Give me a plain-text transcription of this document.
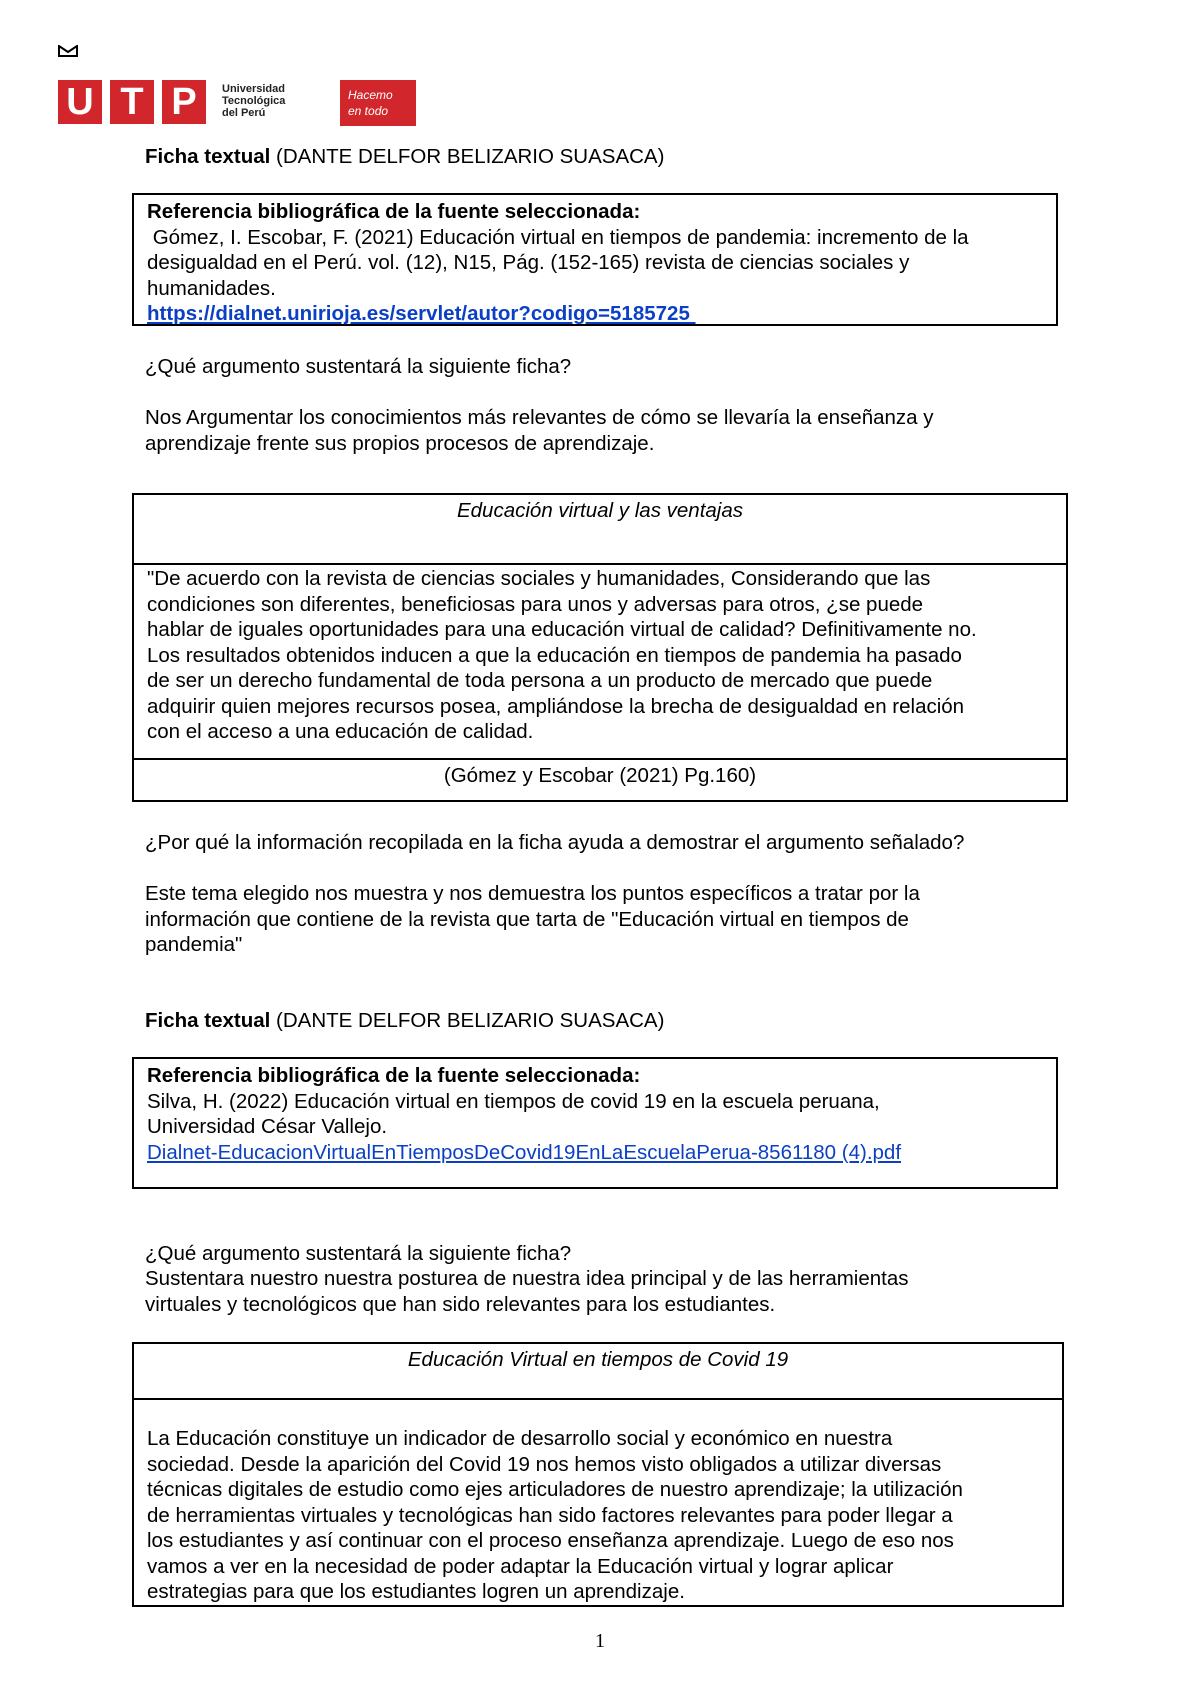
U T P	Universidad
Tecnológica
del Perú
Hacemo
en todo
Ficha textual (DANTE DELFOR BELIZARIO SUASACA)
Referencia bibliográfica de la fuente seleccionada:
Gómez, I. Escobar, F. (2021) Educación virtual en tiempos de pandemia: incremento de la
desigualdad en el Perú. vol. (12), N15, Pág. (152-165) revista de ciencias sociales y
humanidades.
https://dialnet.unirioja.es/servlet/autor?codigo=5185725
¿Qué argumento sustentará la siguiente ficha?
Nos Argumentar los conocimientos más relevantes de cómo se llevaría la enseñanza y
aprendizaje frente sus propios procesos de aprendizaje.
Educación virtual y las ventajas
"De acuerdo con la revista de ciencias sociales y humanidades, Considerando que las
condiciones son diferentes, beneficiosas para unos y adversas para otros, ¿se puede
hablar de iguales oportunidades para una educación virtual de calidad? Definitivamente no.
Los resultados obtenidos inducen a que la educación en tiempos de pandemia ha pasado
de ser un derecho fundamental de toda persona a un producto de mercado que puede
adquirir quien mejores recursos posea, ampliándose la brecha de desigualdad en relación
con el acceso a una educación de calidad.
(Gómez y Escobar (2021) Pg.160)
¿Por qué la información recopilada en la ficha ayuda a demostrar el argumento señalado?
Este tema elegido nos muestra y nos demuestra los puntos específicos a tratar por la
información que contiene de la revista que tarta de "Educación virtual en tiempos de
pandemia"
Ficha textual (DANTE DELFOR BELIZARIO SUASACA)
Referencia bibliográfica de la fuente seleccionada:
Silva, H. (2022) Educación virtual en tiempos de covid 19 en la escuela peruana,
Universidad César Vallejo.
Dialnet-EducacionVirtualEnTiemposDeCovid19EnLaEscuelaPerua-8561180 (4).pdf
¿Qué argumento sustentará la siguiente ficha?
Sustentara nuestro nuestra posturea de nuestra idea principal y de las herramientas
virtuales y tecnológicos que han sido relevantes para los estudiantes.
Educación Virtual en tiempos de Covid 19
La Educación constituye un indicador de desarrollo social y económico en nuestra
sociedad. Desde la aparición del Covid 19 nos hemos visto obligados a utilizar diversas
técnicas digitales de estudio como ejes articuladores de nuestro aprendizaje; la utilización
de herramientas virtuales y tecnológicas han sido factores relevantes para poder llegar a
los estudiantes y así continuar con el proceso enseñanza aprendizaje. Luego de eso nos
vamos a ver en la necesidad de poder adaptar la Educación virtual y lograr aplicar
estrategias para que los estudiantes logren un aprendizaje.
1
